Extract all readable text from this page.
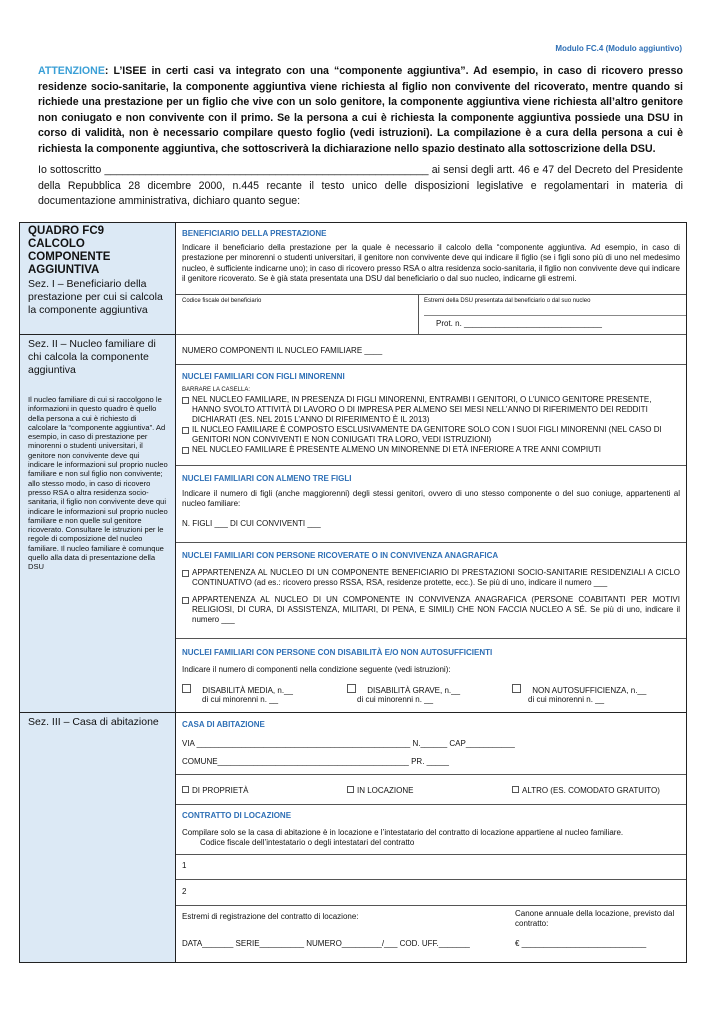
Modulo FC.4 (Modulo aggiuntivo)
ATTENZIONE: L’ISEE in certi casi va integrato con una “componente aggiuntiva”. Ad esempio, in caso di ricovero presso residenze socio-sanitarie, la componente aggiuntiva viene richiesta al figlio non convivente del ricoverato, mentre quando si richiede una prestazione per un figlio che vive con un solo genitore, la componente aggiuntiva viene richiesta all’altro genitore non coniugato e non convivente con il primo. Se la persona a cui è richiesta la componente aggiuntiva possiede una DSU in corso di validità, non è necessario compilare questo foglio (vedi istruzioni). La compilazione è a cura della persona a cui è richiesta la componente aggiuntiva, che sottoscriverà la dichiarazione nello spazio destinato alla sottoscrizione della DSU.
Io sottoscritto _______________________________________________________ ai sensi degli artt. 46 e 47 del Decreto del Presidente della Repubblica 28 dicembre 2000, n.445 recante il testo unico delle disposizioni legislative e regolamentari in materia di documentazione amministrativa, dichiaro quanto segue:
QUADRO FC9
CALCOLO COMPONENTE AGGIUNTIVA
Sez. I – Beneficiario della prestazione per cui si calcola la componente aggiuntiva
Sez. II – Nucleo familiare di chi calcola la componente aggiuntiva
Il nucleo familiare di cui si raccolgono le informazioni in questo quadro è quello della persona a cui è richiesto di calcolare la “componente aggiuntiva”. Ad esempio, in caso di prestazione per minorenni o studenti universitari, il genitore non convivente deve qui indicare le informazioni sul proprio nucleo familiare e non sul figlio non convivente; allo stesso modo, in caso di ricovero presso RSA o altra residenza socio-sanitaria, il figlio non convivente deve qui indicare le informazioni sul proprio nucleo familiare e non quelle sul genitore ricoverato. Consultare le istruzioni per le regole di composizione del nucleo familiare. Il nucleo familiare è comunque quello alla data di presentazione della DSU
Sez. III – Casa di abitazione
BENEFICIARIO DELLA PRESTAZIONE
Indicare il beneficiario della prestazione per la quale è necessario il calcolo della “componente aggiuntiva. Ad esempio, in caso di prestazione per minorenni o studenti universitari, il genitore non convivente deve qui indicare il figlio (se i figli sono più di uno nel medesimo nucleo, è sufficiente indicarne uno); in caso di ricovero presso RSA o altra residenza socio-sanitaria, il figlio non convivente deve qui indicare il genitore ricoverato. Se è già stata presentata una DSU dal beneficiario o dal suo nucleo, indicarne gli estremi.
Codice fiscale del beneficiario	Estremi della DSU presentata dal beneficiario o dal suo nucleo
Prot. n. _______________________________
NUMERO COMPONENTI IL NUCLEO FAMILIARE ____
NUCLEI FAMILIARI CON FIGLI MINORENNI
BARRARE LA CASELLA:
NEL NUCLEO FAMILIARE, IN PRESENZA DI FIGLI MINORENNI, ENTRAMBI I GENITORI, O L’UNICO GENITORE PRESENTE, HANNO SVOLTO ATTIVITÀ DI LAVORO O DI IMPRESA PER ALMENO SEI MESI NELL’ANNO DI RIFERIMENTO DEI REDDITI DICHIARATI (ES. NEL 2015 L’ANNO DI RIFERIMENTO È IL 2013)
IL NUCLEO FAMILIARE È COMPOSTO ESCLUSIVAMENTE DA GENITORE SOLO CON I SUOI FIGLI MINORENNI (NEL CASO DI GENITORI NON CONVIVENTI E NON CONIUGATI TRA LORO, VEDI ISTRUZIONI)
NEL NUCLEO FAMILIARE È PRESENTE ALMENO UN MINORENNE DI ETÀ INFERIORE A TRE ANNI COMPIUTI
NUCLEI FAMILIARI CON ALMENO TRE FIGLI
Indicare il numero di figli (anche maggiorenni) degli stessi genitori, ovvero di uno stesso componente o del suo coniuge, appartenenti al nucleo familiare:
N. FIGLI ___ DI CUI CONVIVENTI ___
NUCLEI FAMILIARI CON PERSONE RICOVERATE O IN CONVIVENZA ANAGRAFICA
APPARTENENZA AL NUCLEO DI UN COMPONENTE BENEFICIARIO DI PRESTAZIONI SOCIO-SANITARIE RESIDENZIALI A CICLO CONTINUATIVO (ad es.: ricovero presso RSSA, RSA, residenze protette, ecc.). Se più di uno, indicare il numero ___
APPARTENENZA AL NUCLEO DI UN COMPONENTE IN CONVIVENZA ANAGRAFICA (PERSONE COABITANTI PER MOTIVI RELIGIOSI, DI CURA, DI ASSISTENZA, MILITARI, DI PENA, E SIMILI) CHE NON FACCIA NUCLEO A SÉ. Se più di uno, indicare il numero ___
NUCLEI FAMILIARI CON PERSONE CON DISABILITÀ E/O NON AUTOSUFFICIENTI
Indicare il numero di componenti nella condizione seguente (vedi istruzioni):
DISABILITÀ MEDIA, n.__
di cui minorenni n. __
DISABILITÀ GRAVE, n.__
di cui minorenni n. __
NON AUTOSUFFICIENZA, n.__
di cui minorenni n. __
CASA DI ABITAZIONE
VIA ________________________________________________ N.______ CAP___________
COMUNE___________________________________________ PR. _____
DI PROPRIETÀ	IN LOCAZIONE	ALTRO (ES. COMODATO GRATUITO)
CONTRATTO DI LOCAZIONE
Compilare solo se la casa di abitazione è in locazione e l’intestatario del contratto di locazione appartiene al nucleo familiare.
Codice fiscale dell’intestatario o degli intestatari del contratto
1
2
Estremi di registrazione del contratto di locazione:	Canone annuale della locazione, previsto dal contratto:
DATA_______ SERIE__________ NUMERO_________/___ COD. UFF._______	€ ____________________________
